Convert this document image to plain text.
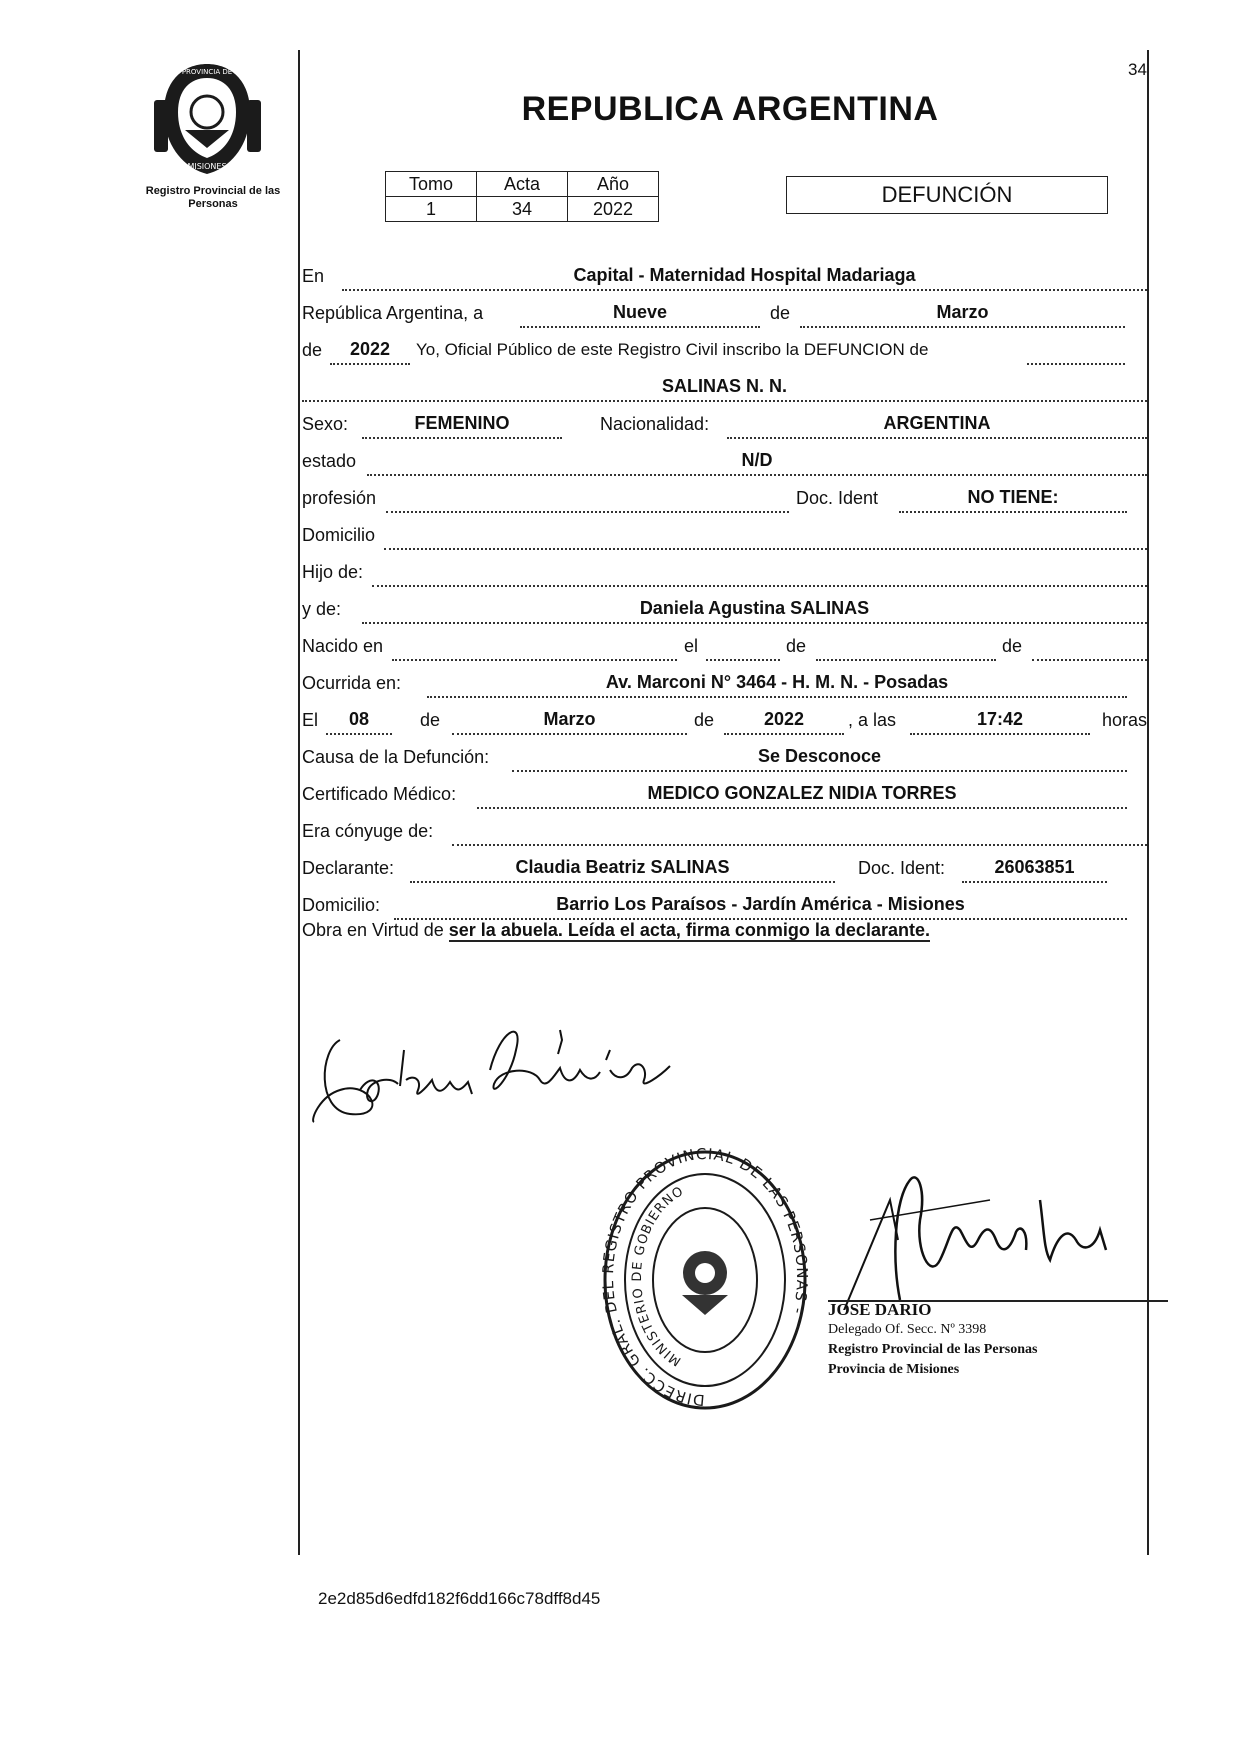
PROVINCIA DE
MISIONES
Registro Provincial de las Personas
34
REPUBLICA ARGENTINA
Tomo	Acta	Año
1	34	2022
DEFUNCIÓN
En	Capital - Maternidad Hospital Madariaga
República Argentina, a	Nueve	de	Marzo
de	2022	Yo, Oficial Público de este Registro Civil inscribo la DEFUNCION de
SALINAS N. N.
Sexo:	FEMENINO	Nacionalidad:	ARGENTINA
estado	N/D
profesión	Doc. Ident	NO TIENE:
Domicilio
Hijo de:
y de:	Daniela Agustina SALINAS
Nacido en	el	de	de
Ocurrida en:	Av. Marconi N° 3464 - H. M. N. - Posadas
El	08	de	Marzo	de	2022	, a las	17:42	horas
Causa de la Defunción:	Se Desconoce
Certificado Médico:	MEDICO GONZALEZ NIDIA TORRES
Era cónyuge de:
Declarante:	Claudia Beatriz SALINAS	Doc. Ident:	26063851
Domicilio:	Barrio Los Paraísos - Jardín América - Misiones
Obra en Virtud de ser la abuela. Leída el acta, firma conmigo la declarante.
DIRECC. GRAL. DEL REGISTRO PROVINCIAL DE LAS PERSONAS -
MINISTERIO DE GOBIERNO
JOSE DARIO
Delegado Of. Secc. Nº 3398
Registro Provincial de las Personas
Provincia de Misiones
2e2d85d6edfd182f6dd166c78dff8d45
